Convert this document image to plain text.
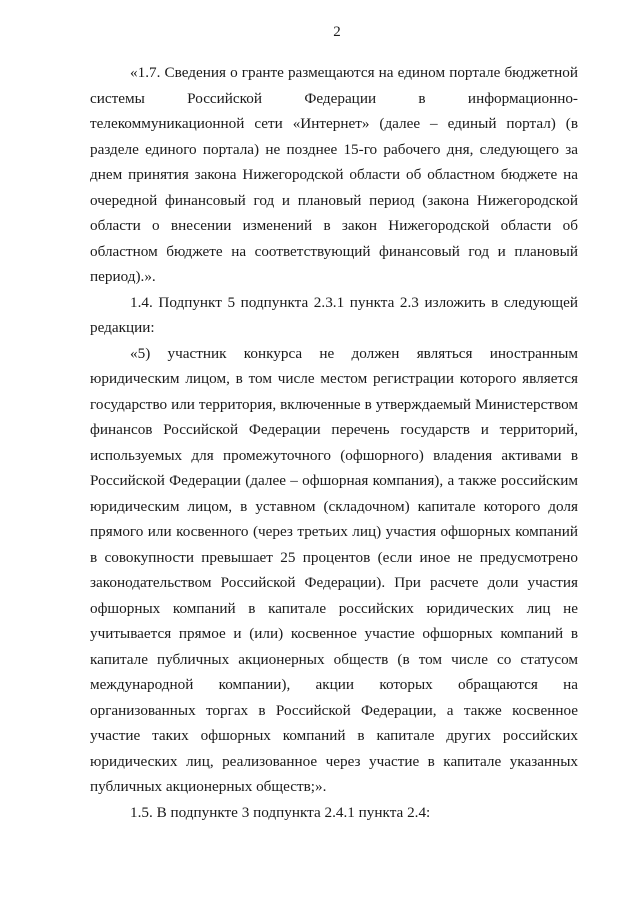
2

«1.7. Сведения о гранте размещаются на едином портале бюджетной системы Российской Федерации в информационно-телекоммуникационной сети «Интернет» (далее – единый портал) (в разделе единого портала) не позднее 15-го рабочего дня, следующего за днем принятия закона Нижегородской области об областном бюджете на очередной финансовый год и плановый период (закона Нижегородской области о внесении изменений в закон Нижегородской области об областном бюджете на соответствующий финансовый год и плановый период).».

1.4. Подпункт 5 подпункта 2.3.1 пункта 2.3 изложить в следующей редакции:

«5) участник конкурса не должен являться иностранным юридическим лицом, в том числе местом регистрации которого является государство или территория, включенные в утверждаемый Министерством финансов Российской Федерации перечень государств и территорий, используемых для промежуточного (офшорного) владения активами в Российской Федерации (далее – офшорная компания), а также российским юридическим лицом, в уставном (складочном) капитале которого доля прямого или косвенного (через третьих лиц) участия офшорных компаний в совокупности превышает 25 процентов (если иное не предусмотрено законодательством Российской Федерации). При расчете доли участия офшорных компаний в капитале российских юридических лиц не учитывается прямое и (или) косвенное участие офшорных компаний в капитале публичных акционерных обществ (в том числе со статусом международной компании), акции которых обращаются на организованных торгах в Российской Федерации, а также косвенное участие таких офшорных компаний в капитале других российских юридических лиц, реализованное через участие в капитале указанных публичных акционерных обществ;».

1.5. В подпункте 3 подпункта 2.4.1 пункта 2.4:
